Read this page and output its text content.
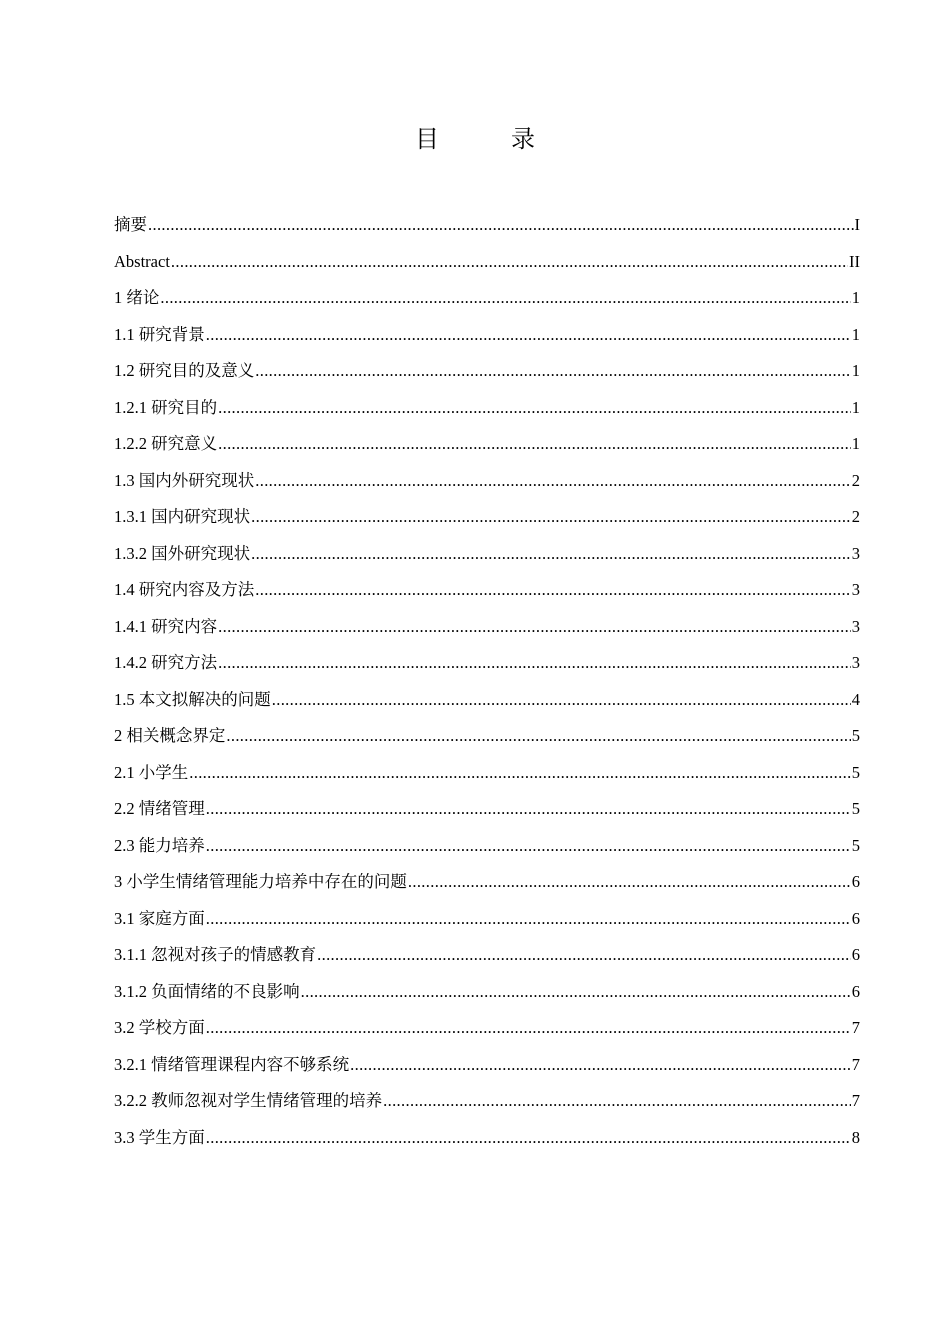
目　录
摘要 .....	I
Abstract .....	II
1 绪论 .....	1
1.1 研究背景 .....	1
1.2 研究目的及意义 .....	1
1.2.1 研究目的 .....	1
1.2.2 研究意义 .....	1
1.3 国内外研究现状 .....	2
1.3.1 国内研究现状 .....	2
1.3.2 国外研究现状 .....	3
1.4 研究内容及方法 .....	3
1.4.1 研究内容 .....	3
1.4.2 研究方法 .....	3
1.5 本文拟解决的问题 .....	4
2 相关概念界定 .....	5
2.1 小学生 .....	5
2.2 情绪管理 .....	5
2.3 能力培养 .....	5
3 小学生情绪管理能力培养中存在的问题 .....	6
3.1 家庭方面 .....	6
3.1.1 忽视对孩子的情感教育 .....	6
3.1.2 负面情绪的不良影响 .....	6
3.2 学校方面 .....	7
3.2.1 情绪管理课程内容不够系统 .....	7
3.2.2 教师忽视对学生情绪管理的培养 .....	7
3.3 学生方面 .....	8
